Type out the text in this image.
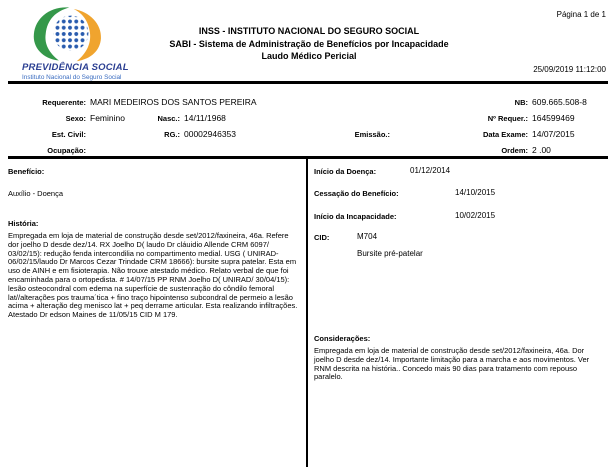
PREVIDÊNCIA SOCIAL
Instituto Nacional do Seguro Social
Página 1 de 1
INSS - INSTITUTO NACIONAL DO SEGURO SOCIAL
SABI - Sistema de Administração de Benefícios por Incapacidade
Laudo Médico Pericial
25/09/2019 11:12:00
Requerente: MARI MEDEIROS DOS SANTOS PEREIRA	NB: 609.665.508-8
Sexo: Feminino	Nasc.: 14/11/1968	Nº Requer.: 164599469
Est. Civil:	RG.: 00002946353	Emissão.:	Data Exame: 14/07/2015
Ocupação:	Ordem: 2 .00
Benefício:
Auxílio - Doença
História:
Empregada em loja de material de construção desde set/2012/faxineira, 46a. Refere dor joelho D desde dez/14. RX Joelho D( laudo Dr cláuidio Allende CRM 6097/ 03/02/15): redução fenda intercondilia no compartimento medial. USG ( UNIRAD- 06/02/15/laudo Dr Marcos Cezar Trindade CRM 18666): bursite supra patelar. Esta em uso de AINH e em fisioterapia. Não trouxe atestado médico. Relato verbal de que foi encaminhada para o ortopedista. # 14/07/15 PP RNM Joelho D( UNIRAD/ 30/04/15): lesão osteocondral com edema na superfície de sustenração do côndilo femoral lat//alterações pos trauma´tica + fino traço hipointenso subcondral de permeio a lesão acima + alteração deg menisco lat + peq derrame articular. Esta realizando infiltrações. Atestado Dr edson Maines de 11/05/15 CID M 179.
Início da Doença:	01/12/2014
Cessação do Benefício:	14/10/2015
Início da Incapacidade:	10/02/2015
CID:	M704
Bursite pré-patelar
Considerações:
Empregada em loja de material de construção desde set/2012/faxineira, 46a. Dor joelho D desde dez/14. Importante limitação para a marcha e aos movimentos. Ver RNM descrita na história.. Concedo mais 90 dias para tratamento com repouso paralelo.
